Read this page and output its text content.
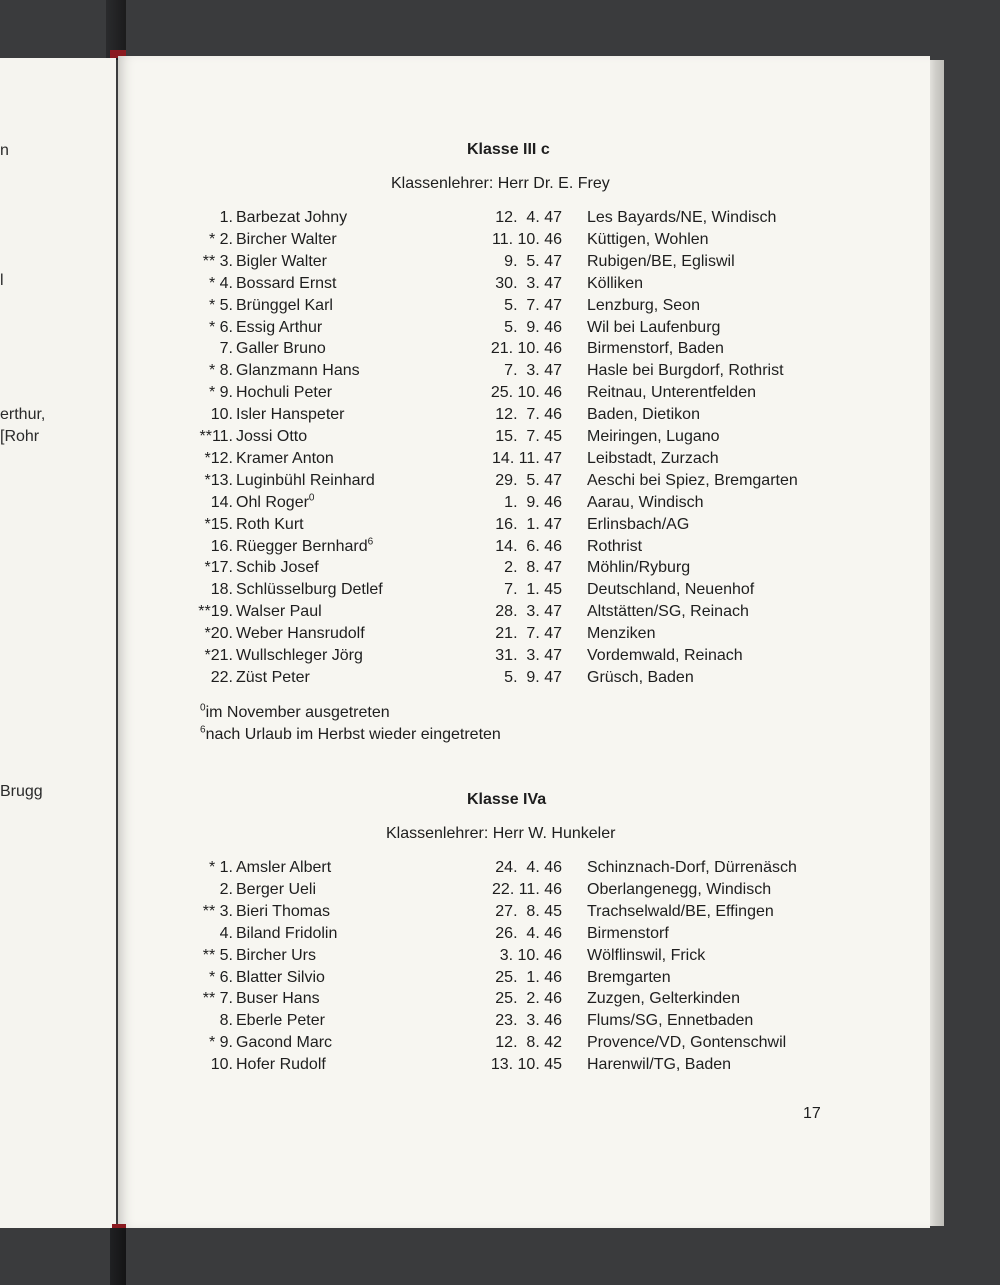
n
l
erthur,
[Rohr
Brugg
Klasse III c
Klassenlehrer: Herr Dr. E. Frey
1. Barbezat Johny	12.  4. 47 Les Bayards/NE, Windisch
* 2. Bircher Walter	11. 10. 46 Küttigen, Wohlen
** 3. Bigler Walter	9.  5. 47 Rubigen/BE, Egliswil
* 4. Bossard Ernst	30.  3. 47 Kölliken
* 5. Brünggel Karl	5.  7. 47 Lenzburg, Seon
* 6. Essig Arthur	5.  9. 46 Wil bei Laufenburg
7. Galler Bruno	21. 10. 46 Birmenstorf, Baden
* 8. Glanzmann Hans	7.  3. 47 Hasle bei Burgdorf, Rothrist
* 9. Hochuli Peter	25. 10. 46 Reitnau, Unterentfelden
10. Isler Hanspeter	12.  7. 46 Baden, Dietikon
**11. Jossi Otto	15.  7. 45 Meiringen, Lugano
*12. Kramer Anton	14. 11. 47 Leibstadt, Zurzach
*13. Luginbühl Reinhard	29.  5. 47 Aeschi bei Spiez, Bremgarten
14. Ohl Roger$^0$	1.  9. 46 Aarau, Windisch
*15. Roth Kurt	16.  1. 47 Erlinsbach/AG
16. Rüegger Bernhard$^6$	14.  6. 46 Rothrist
*17. Schib Josef	2.  8. 47 Möhlin/Ryburg
18. Schlüsselburg Detlef	7.  1. 45 Deutschland, Neuenhof
**19. Walser Paul	28.  3. 47 Altstätten/SG, Reinach
*20. Weber Hansrudolf	21.  7. 47 Menziken
*21. Wullschleger Jörg	31.  3. 47 Vordemwald, Reinach
22. Züst Peter	5.  9. 47 Grüsch, Baden
$^0$im November ausgetreten
$^6$nach Urlaub im Herbst wieder eingetreten
Klasse IVa
Klassenlehrer: Herr W. Hunkeler
* 1. Amsler Albert	24.  4. 46 Schinznach-Dorf, Dürrenäsch
2. Berger Ueli	22. 11. 46 Oberlangenegg, Windisch
** 3. Bieri Thomas	27.  8. 45 Trachselwald/BE, Effingen
4. Biland Fridolin	26.  4. 46 Birmenstorf
** 5. Bircher Urs	3. 10. 46 Wölflinswil, Frick
* 6. Blatter Silvio	25.  1. 46 Bremgarten
** 7. Buser Hans	25.  2. 46 Zuzgen, Gelterkinden
8. Eberle Peter	23.  3. 46 Flums/SG, Ennetbaden
* 9. Gacond Marc	12.  8. 42 Provence/VD, Gontenschwil
10. Hofer Rudolf	13. 10. 45 Harenwil/TG, Baden
17
